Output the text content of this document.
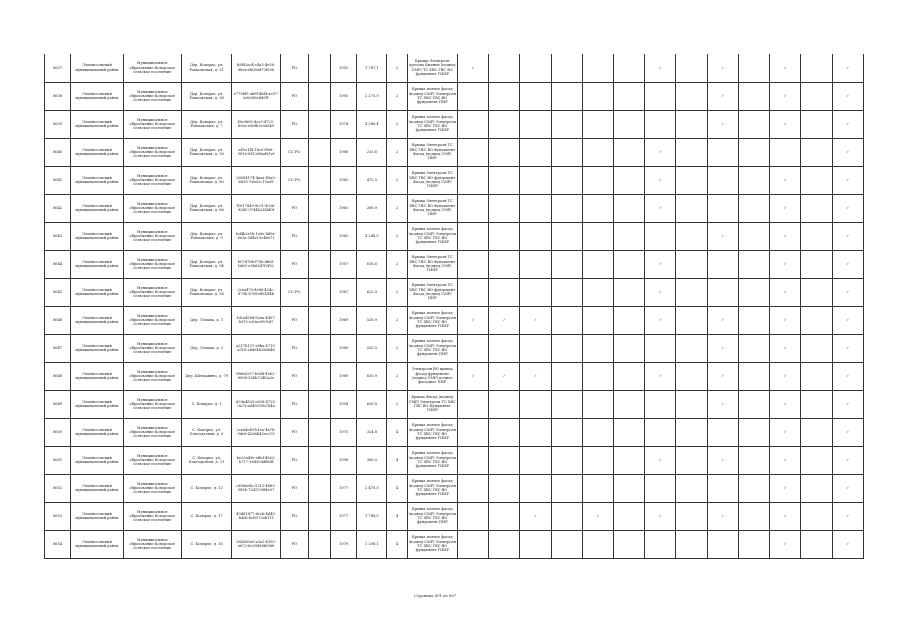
8637	Ломоносовский муниципальный район	Муниципальное образование Копорское сельское поселение	Дер. Копорье, ул. Рошальская, д. 21	b9f82ec4-c4a5-4e56-88ea-ebb5ed72f098	РО		1992	1 787,1	2	Крыша Электроэн ергосна бжение (подвод СМР) ТС ХВС ГВС ВО фундамент ГИИР	✓						✓		✓		✓		✓
8638	Ломоносовский муниципальный район	Муниципальное образование Копорское сельское поселение	Дер. Копорье, ул. Рошальская, д. 38	e7794f5-ab9f-4fd4-ae57-3eb288e4d5f1	РО		1995	2 273,9	2	Крыша полное фасад (подвод СМР) Электроэн ТС ХВС ГВС ВО фундамент ПИР									✓		✓		✓
8639	Ломоносовский муниципальный район	Муниципальное образование Копорское сельское поселение	Дер. Копорье, ул. Рошальская, д. 7	f3e0b93-4ce3-4725-89ca-e06fb2e56849	РО		1974	4 286,4	3	Крыша полное фасад (подвод СМР) Электроэн ТС ХВС ГВС ВО фундамент ГИИР									✓		✓		✓
8640	Ломоносовский муниципальный район	Муниципальное образование Копорское сельское поселение	Дер. Копорье, ул. Рошальская, д. 58	a45e1f4-1bc0-f9e8-9816-8812d6ad81ef	СС РО		1986	233,6	2	Крыша Электроэн ТС ХВС ГВС ВО Фундамент Фасад (подвод СМР) ПИР							✓						✓
8641	Ломоносовский муниципальный район	Муниципальное образование Копорское сельское поселение	Дер. Копорье, ул. Рошальская, д. 80	28584174-4aea-49a0-b859-7eb02c15a98	СС РО		1963	470,5	2	Крыша Электроэн ТС ХВС ГВС ВО фундамент Фасад (подвод СМР) ГИИР							✓				✓		✓
8642	Ломоносовский муниципальный район	Муниципальное образование Копорское сельское поселение	Дер. Копорье, ул. Рошальская, д. 86	f1617849-8c31-4026-8545-9744b2348f0f	РО		1965	288,9	2	Крыша Электроэн ТС ХВС ГВС ВО Фундамент Фасад (подвод СМР) ПИР							✓				✓		✓
8643	Ломоносовский муниципальный район	Муниципальное образование Копорское сельское поселение	Дер. Копорье, ул. Рошальская, д. 9	bd4b2e1b-1e8e-4d9e-8e2a-5d4e19c4be71	РО		1982	4 248,5	3	Крыша полное фасад (подвод СМР) Электроэн ТС ХВС ГВС ВО фундамент ГИИР									✓		✓		✓
8644	Ломоносовский муниципальный район	Муниципальное образование Копорское сельское поселение	Дер. Копорье, ул. Рошальская, д. 94	b07d78b-f70b-4f6d-b4e1-e5b6847f2f92	РО		1957	618,6	2	Крыша Электроэн ТС ХВС ГВС ВО Фундамент Фасад (подвод СМР) ГИИР							✓				✓		✓
8645	Ломоносовский муниципальный район	Муниципальное образование Копорское сельское поселение	Дер. Копорье, ул. Рошальская, д. 54	2cea470-de8d-424c-870b-87080d9f2f4b	СС РО		1967	622,9	2	Крыша Электроэн ТС ХВС ГВС ВО фундамент Фасад (подвод СМР) ПИР							✓				✓		✓
8646	Ломоносовский муниципальный район	Муниципальное образование Копорское сельское поселение	Дер. Ломаха, д. 1	1dca4984-82ea-4407-b915-e39ae9995d7	РО		1969	526,9	2	Крыша полное фасад (подвод СМР) Электроэн ТС ХВС ГВС ВО фундамент ГИИР	✓	✓	✓				✓		✓		✓		✓
8647	Ломоносовский муниципальный район	Муниципальное образование Копорское сельское поселение	Дер. Ломаха, д. 2	a217b137-a9ba-4715-a518-cb4e4b28664d	РО		1989	555,5	2	Крыша полное фасад (подвод СМР) Электроэн ТС ХВС ГВС ВО фундамент ПИР									✓		✓		✓
8648	Ломоносовский муниципальный район	Муниципальное образование Копорское сельское поселение	Дер. Шелкавино, д. 79	f9668237-b9d4-4562-8098-53bb734f3a2e	РО		1989	630,9	2	Электроэн ВО крыша фасад фундамент (подвод СМР) полное фасадное ПИР	✓	✓	✓				✓		✓		✓		✓
8649	Ломоносовский муниципальный район	Муниципальное образование Копорское сельское поселение	С. Копорье, д. 1	d29a4829-e638-4725-9a73-ad49019b784a	РО		1994	626,8	2	Крыша Фасад (подвод СМР) Электроэн ТС ХВС ГВС ВО Фундамент ГИИР									✓		✓		✓
8650	Ломоносовский муниципальный район	Муниципальное образование Копорское сельское поселение	С. Копорье, ул. Благодатная, д. 3	2cea4e40-b1ea-4a78-9de8-4266b45ecc19	РО		1975	324,8	4	Крыша полное фасад (подвод СМР) Электроэн ТС ХВС ГВС ВО фундамент ГИИР											✓		✓
8651	Ломоносовский муниципальный район	Муниципальное образование Копорское сельское поселение	С. Копорье, ул. Благодатная, д. 11	be23a49e-ef6d-4562-b717-28d30dd6b8f	РО		1998	366,5	4	Крыша полное фасад (подвод СМР) Электроэн ТС ХВС ГВС ВО фундамент ГИИР							✓		✓		✓		✓
8652	Ломоносовский муниципальный район	Муниципальное образование Копорское сельское поселение	С. Копорье, д. 12	cd966ebc-5213-4883-9854-73d3708f4e57	РО		1977	2 470,5	4	Крыша полное фасад (подвод СМР) Электроэн ТС ХВС ГВС ВО фундамент ГИИР											✓		✓
8653	Ломоносовский муниципальный район	Муниципальное образование Копорское сельское поселение	С. Копорье, д. 17	49d81877-dccb-4d45-b4dc-bd0572ab11f	РО		1977	1 788,5	4	Крыша полное фасад (подвод СМР) Электроэн ТС ХВС ГВС ВО фундамент ПИР			✓		✓		✓		✓		✓		✓
8654	Ломоносовский муниципальный район	Муниципальное образование Копорское сельское поселение	С. Копорье, д. 18	3845d0e0-a3a1-4355-a673-8c99498f6988	РО		1979	1 208,1	4	Крыша полное фасад (подвод СМР) Электроэн ТС ХВС ГВС ВО фундамент ГИИР											✓		✓
Страница 491 из 867
